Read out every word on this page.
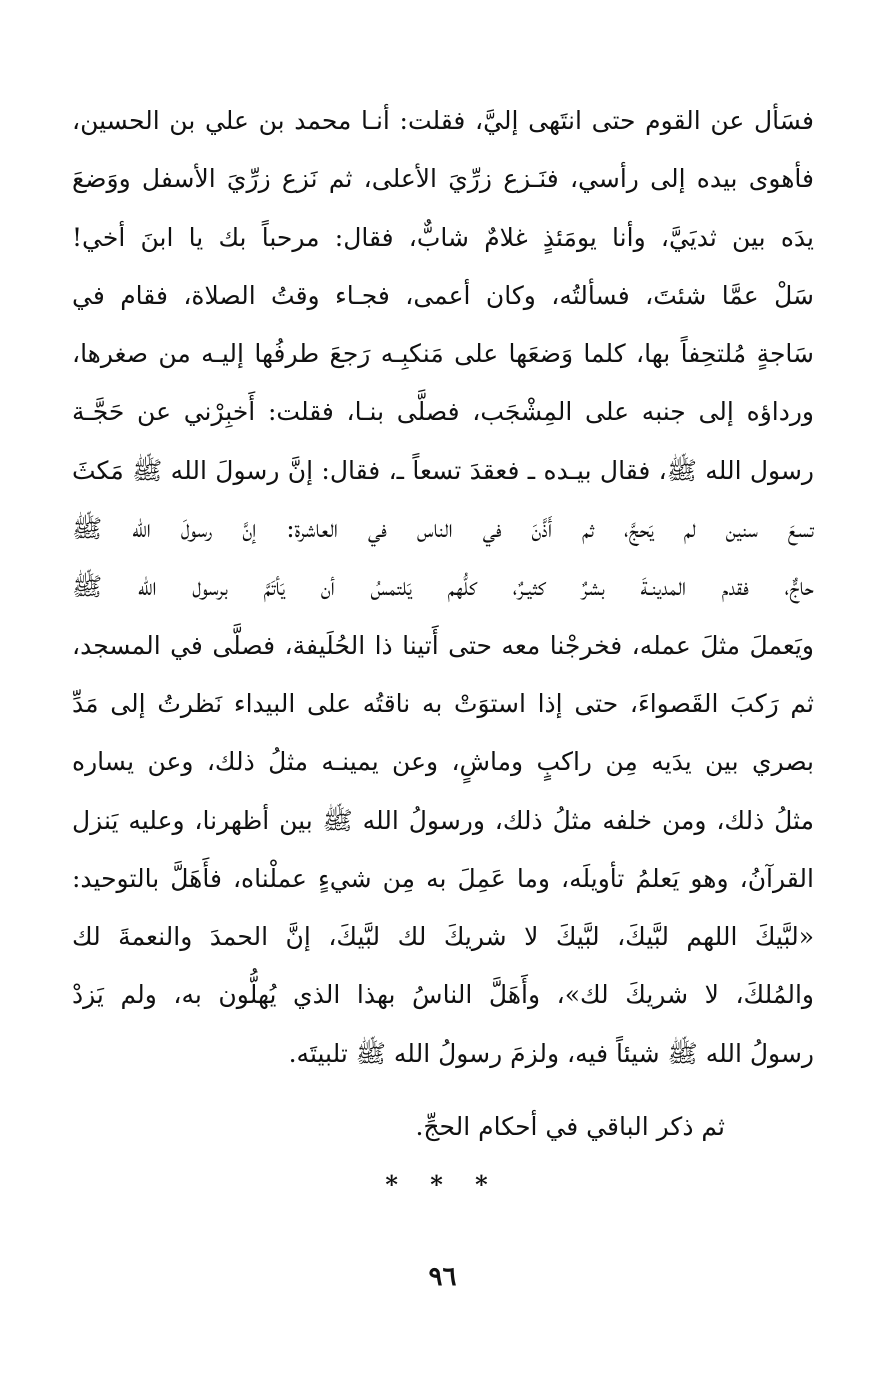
فسَأل عن القوم حتى انتَهى إليَّ، فقلت: أنـا محمد بن علي بن الحسين،
فأهوى بيده إلى رأسي، فنَـزع زرِّيَ الأعلى، ثم نَزع زرِّيَ الأسفل ووَضعَ
يدَه بين ثديَيَّ، وأنا يومَئذٍ غلامٌ شابٌّ، فقال: مرحباً بك يا ابنَ أخي!
سَلْ عمَّا شئتَ، فسألتُه، وكان أعمى، فجـاء وقتُ الصلاة، فقام في
سَاجةٍ مُلتحِفاً بها، كلما وَضعَها على مَنكبِـه رَجعَ طرفُها إليـه من صغرها،
ورداؤه إلى جنبه على المِشْجَب، فصلَّى بنـا، فقلت: أَخبِرْني عن حَجَّـة
رسول الله ﷺ، فقال بيـده ـ فعقدَ تسعاً ـ، فقال: إنَّ رسولَ الله ﷺ مَكثَ
تسعَ سنين لم يَحجَّ، ثم أَذَّنَ في الناس في العاشرة: إنَّ رسولَ الله ﷺ
حاجٌّ، فقدم المدينـةَ بشرٌ كثيـرٌ، كلُّهم يَلتمسُ أن يَأتَمَّ برسول الله ﷺ
ويَعملَ مثلَ عمله، فخرجْنا معه حتى أَتينا ذا الحُلَيفة، فصلَّى في المسجد،
ثم رَكبَ القَصواءَ، حتى إذا استوَتْ به ناقتُه على البيداء نَظرتُ إلى مَدِّ
بصري بين يدَيه مِن راكبٍ وماشٍ، وعن يمينـه مثلُ ذلك، وعن يساره
مثلُ ذلك، ومن خلفه مثلُ ذلك، ورسولُ الله ﷺ بين أظهرنا، وعليه يَنزل
القرآنُ، وهو يَعلمُ تأويلَه، وما عَمِلَ به مِن شيءٍ عملْناه، فأَهَلَّ بالتوحيد:
«لبَّيكَ اللهم لبَّيكَ، لبَّيكَ لا شريكَ لك لبَّيكَ، إنَّ الحمدَ والنعمةَ لك
والمُلكَ، لا شريكَ لك»، وأَهَلَّ الناسُ بهذا الذي يُهلُّون به، ولم يَزدْ
رسولُ الله ﷺ شيئاً فيه، ولزمَ رسولُ الله ﷺ تلبيتَه.
ثم ذكر الباقي في أحكام الحجِّ.
* * *
٩٦
